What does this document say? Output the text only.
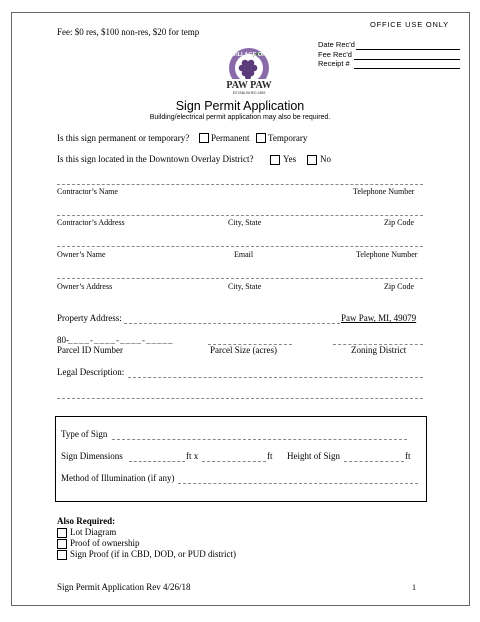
OFFICE USE ONLY
Fee: $0 res, $100 non-res, $20 for temp
Date Rec'd
Fee Rec'd
Receipt #
VILLAGE OF
PAW PAW
ESTABLISHED 1859
Sign Permit Application
Building/electrical permit application may also be required.
Is this sign permanent or temporary? Permanent Temporary
Is this sign located in the Downtown Overlay District?	Yes	No
Contractor’s Name	Telephone Number
Contractor’s Address	City, State	Zip Code
Owner’s Name	Email	Telephone Number
Owner’s Address	City, State	Zip Code
Property Address:	Paw Paw, MI, 49079
80- ____-____-____-_____
Parcel ID Number	Parcel Size (acres)	Zoning District
Legal Description:
Type of Sign
Sign Dimensions	ft x	ft Height of Sign	ft
Method of Illumination (if any)
Also Required:
Lot Diagram
Proof of ownership
Sign Proof (if in CBD, DOD, or PUD district)
Sign Permit Application Rev 4/26/18	1
